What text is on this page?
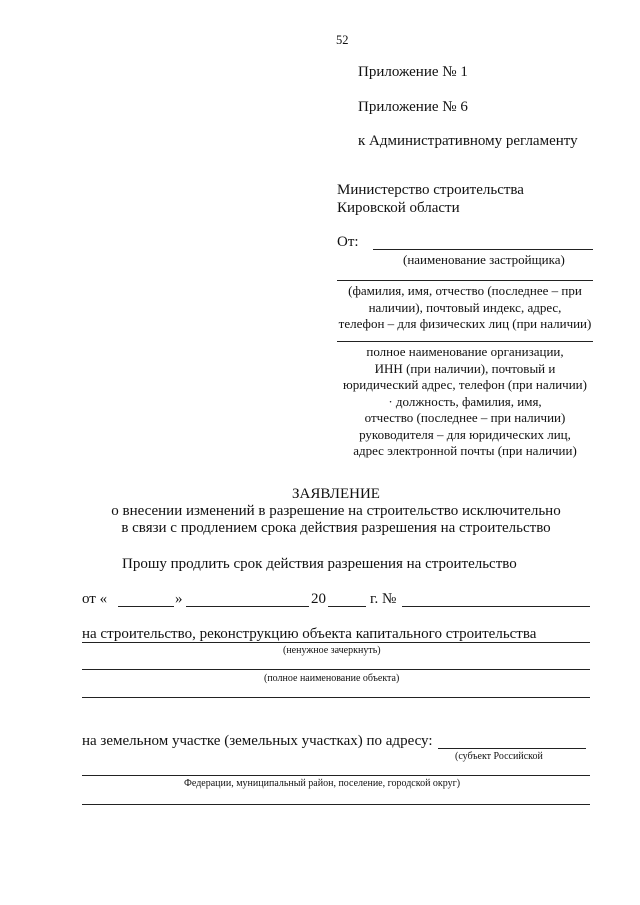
52
Приложение № 1
Приложение № 6
к Административному регламенту
Министерство строительства
Кировской области
От:
(наименование застройщика)
(фамилия, имя, отчество (последнее – при
наличии), почтовый индекс, адрес,
телефон – для физических лиц (при наличии)
полное наименование организации,
ИНН (при наличии), почтовый и
юридический адрес, телефон (при наличии)
· должность, фамилия, имя,
отчество (последнее – при наличии)
руководителя – для юридических лиц,
адрес электронной почты (при наличии)
ЗАЯВЛЕНИЕ
о внесении изменений в разрешение на строительство исключительно
в связи с продлением срока действия разрешения на строительство
Прошу продлить срок действия разрешения на строительство
от «	»	20	г. №
на строительство, реконструкцию объекта капитального строительства
(ненужное зачеркнуть)
(полное наименование объекта)
на земельном участке (земельных участках) по адресу:
(субъект Российской
Федерации, муниципальный район, поселение, городской округ)
